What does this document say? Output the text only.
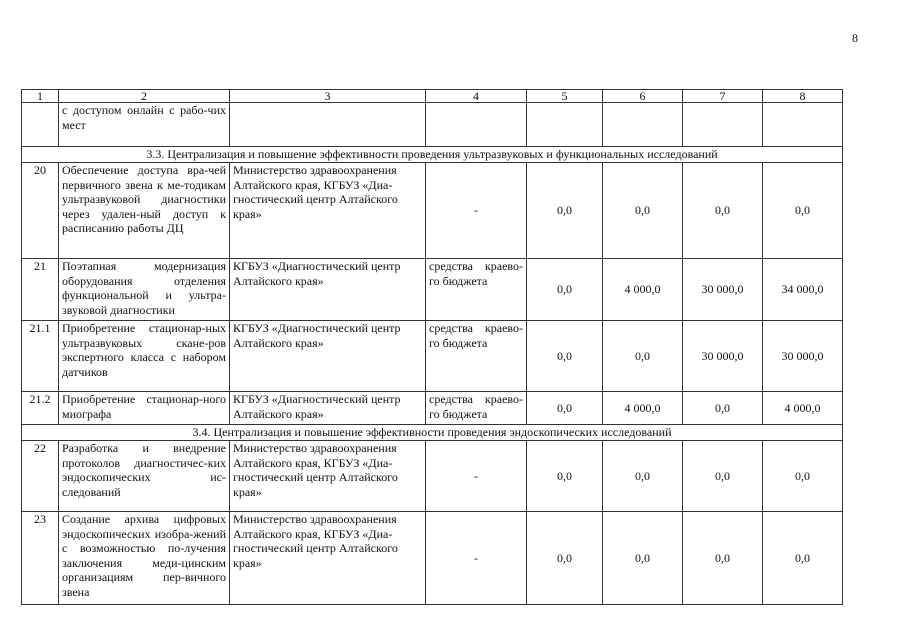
8
1	2	3	4	5	6	7	8
	с доступом онлайн с рабо-чих мест						
3.3. Централизация и повышение эффективности проведения ультразвуковых и функциональных исследований							
20	Обеспечение доступа вра-чей первичного звена к ме-тодикам ультразвуковой диагностики через удален-ный доступ к расписанию работы ДЦ	Министерство здравоохранения Алтайского края, КГБУЗ «Диа-гностический центр Алтайского края»	-	0,0	0,0	0,0	0,0
21	Поэтапная модернизация оборудования отделения функциональной и ультра-звуковой диагностики	КГБУЗ «Диагностический центр Алтайского края»	средства краево-го бюджета	0,0	4 000,0	30 000,0	34 000,0
21.1	Приобретение стационар-ных ультразвуковых скане-ров экспертного класса с набором датчиков	КГБУЗ «Диагностический центр Алтайского края»	средства краево-го бюджета	0,0	0,0	30 000,0	30 000,0
21.2	Приобретение стационар-ного миографа	КГБУЗ «Диагностический центр Алтайского края»	средства краево-го бюджета	0,0	4 000,0	0,0	4 000,0
3.4. Централизация и повышение эффективности проведения эндоскопических исследований							
22	Разработка и внедрение протоколов диагностичес-ких эндоскопических ис-следований	Министерство здравоохранения Алтайского края, КГБУЗ «Диа-гностический центр Алтайского края»	-	0,0	0,0	0,0	0,0
23	Создание архива цифровых эндоскопических изобра-жений с возможностью по-лучения заключения меди-цинским организациям пер-вичного звена	Министерство здравоохранения Алтайского края, КГБУЗ «Диа-гностический центр Алтайского края»	-	0,0	0,0	0,0	0,0
